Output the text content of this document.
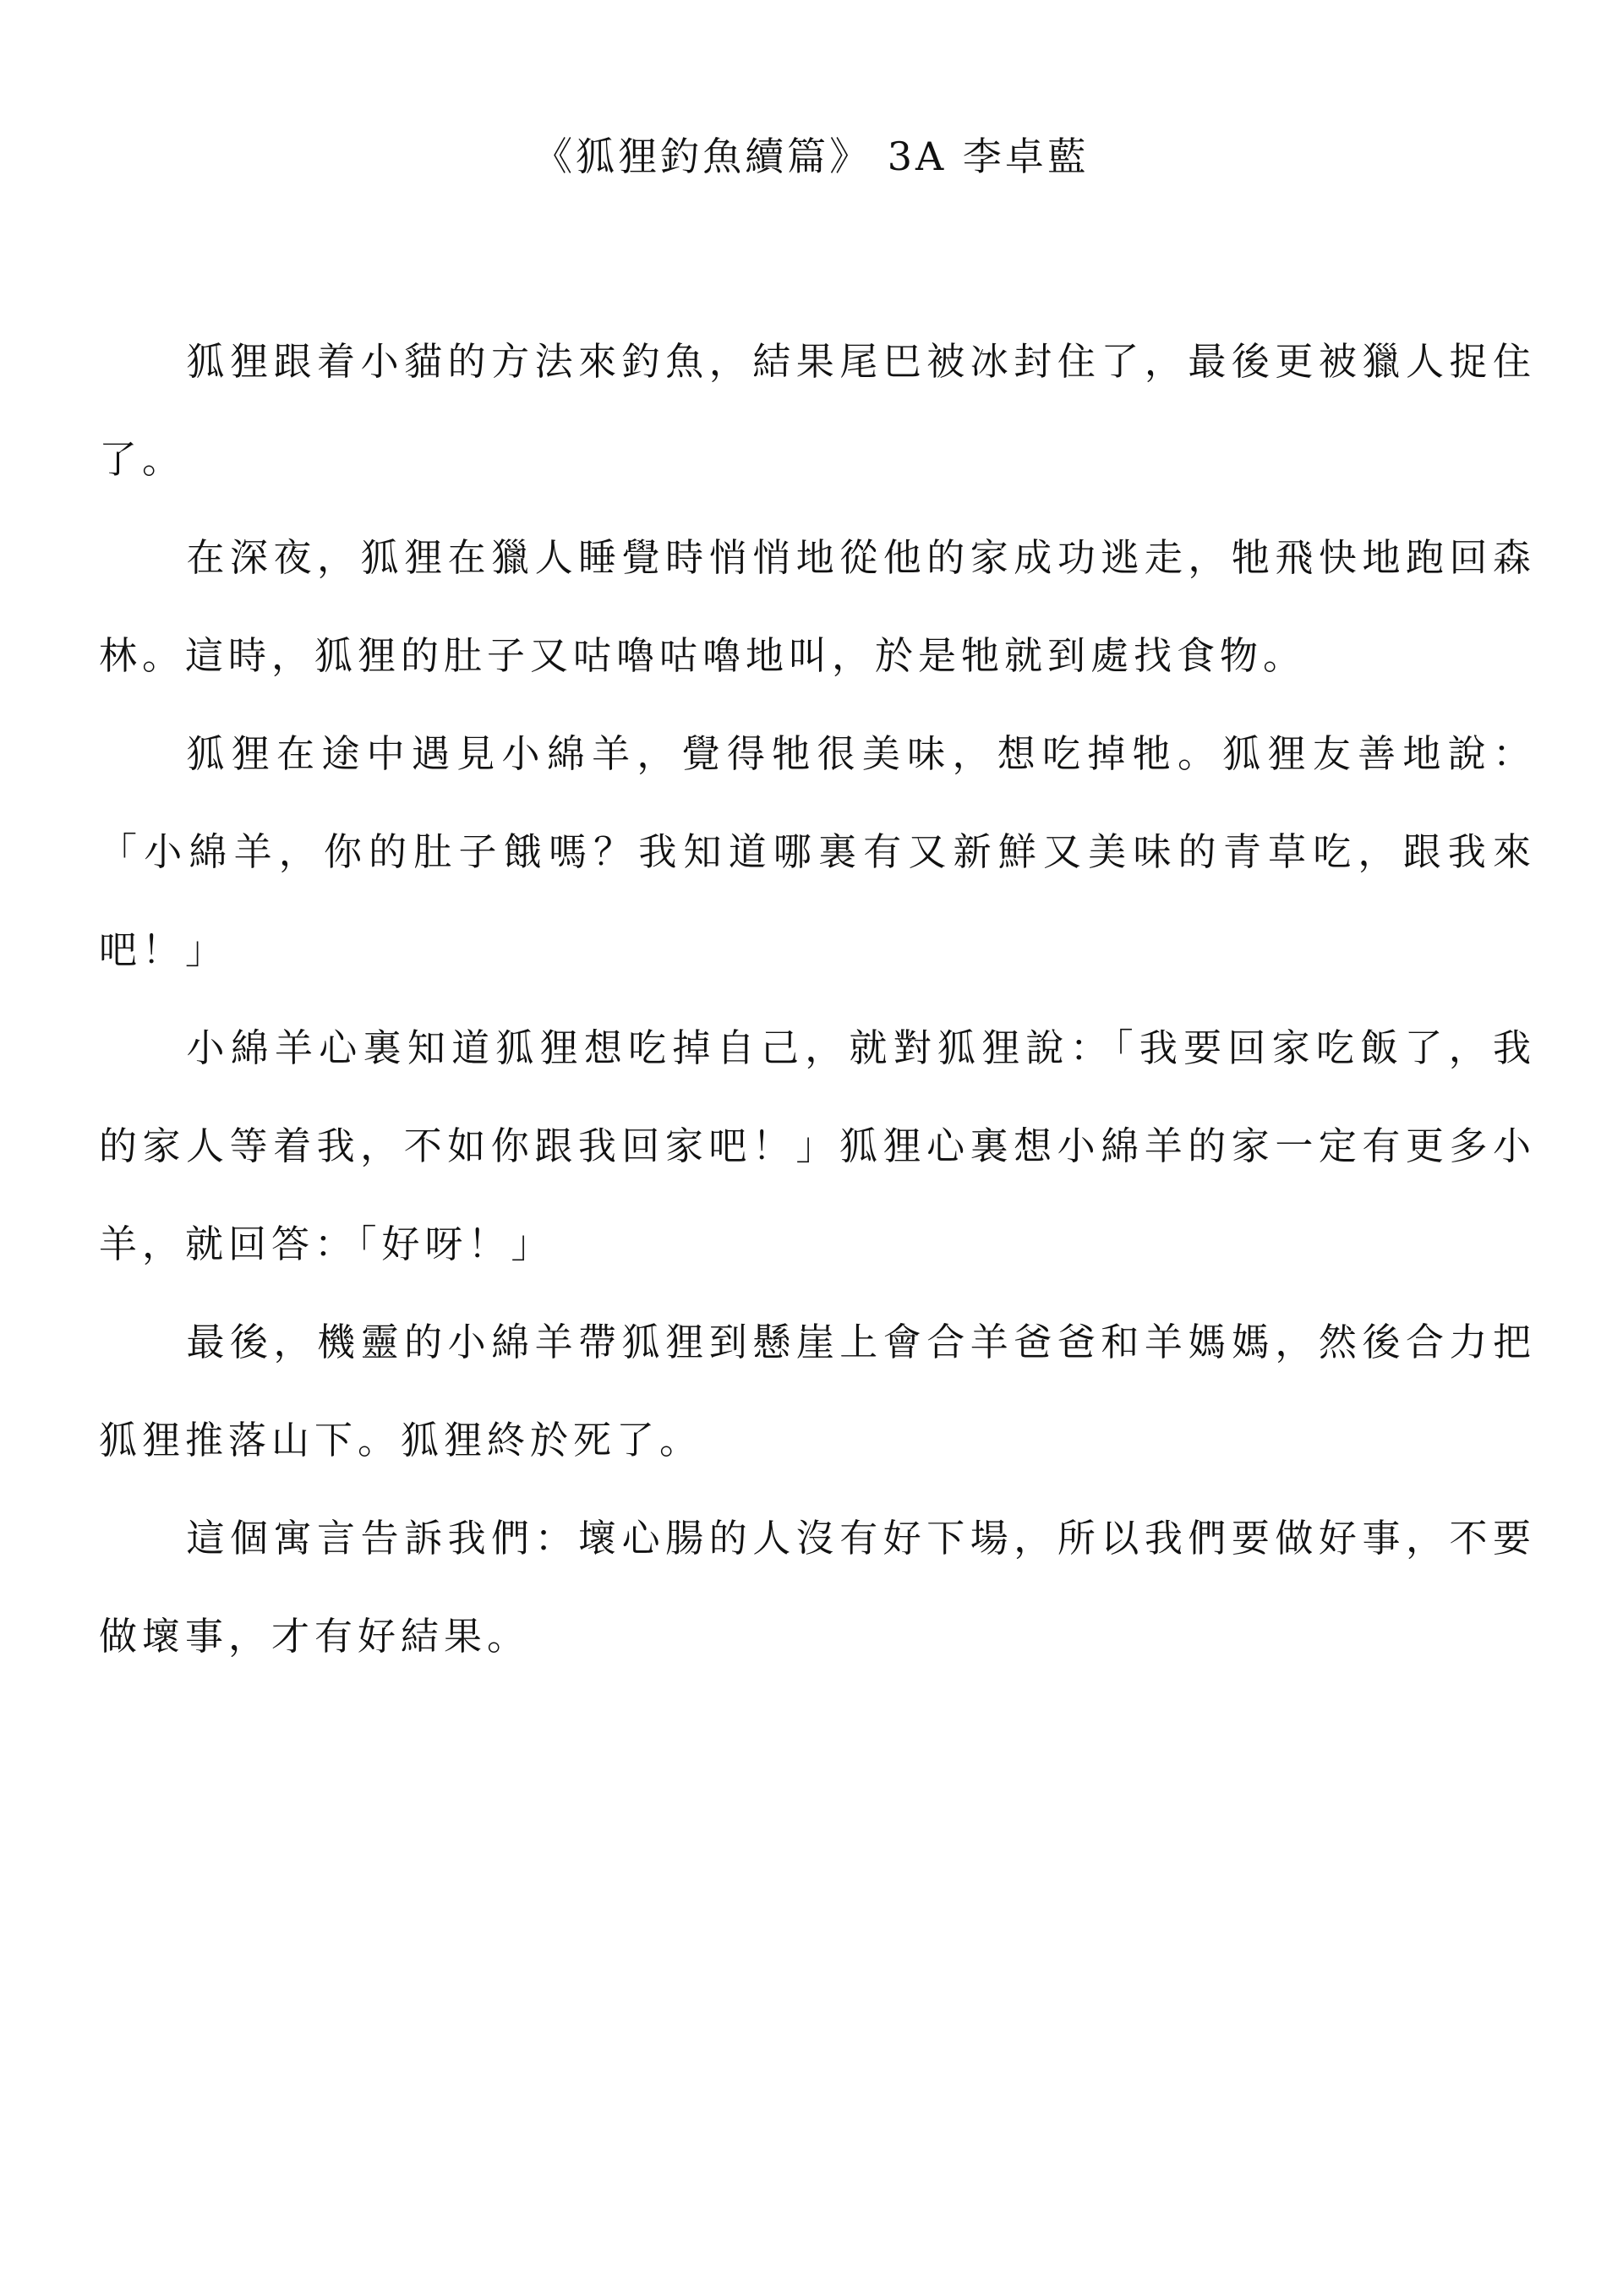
《狐狸釣魚續篇》 3A 李卓藍

狐狸跟着小貓的方法來釣魚，結果尾巴被冰封住了，最後更被獵人捉住了。

在深夜，狐狸在獵人睡覺時悄悄地從他的家成功逃走，牠飛快地跑回森林。這時，狐狸的肚子又咕嚕咕嚕地叫，於是牠就到處找食物。

狐狸在途中遇見小綿羊，覺得牠很美味，想吃掉牠。狐狸友善地說：「小綿羊，你的肚子餓嗎？我知道哪裏有又新鮮又美味的青草吃，跟我來吧！」

小綿羊心裏知道狐狸想吃掉自己，就對狐狸說：「我要回家吃飯了，我的家人等着我，不如你跟我回家吧！」狐狸心裏想小綿羊的家一定有更多小羊，就回答：「好呀！」

最後，機靈的小綿羊帶狐狸到懸崖上會合羊爸爸和羊媽媽，然後合力把狐狸推落山下。狐狸終於死了。

這個寓言告訴我們：壞心腸的人沒有好下場，所以我們要做好事，不要做壞事，才有好結果。
